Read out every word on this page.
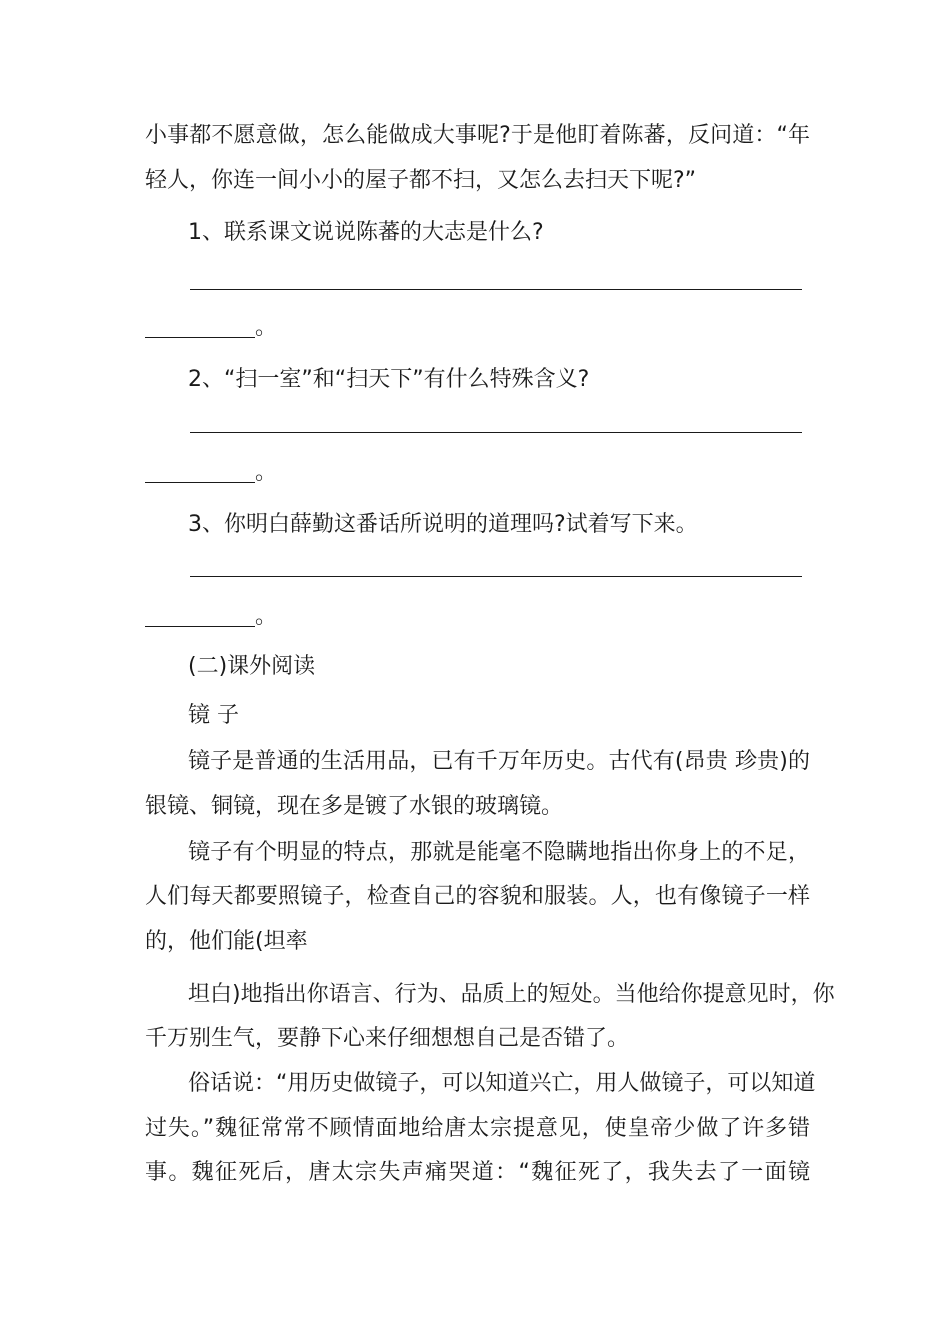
小事都不愿意做，怎么能做成大事呢?于是他盯着陈蕃，反问道：“年
轻人，你连一间小小的屋子都不扫，又怎么去扫天下呢?”
1、联系课文说说陈蕃的大志是什么?
。
2、“扫一室”和“扫天下”有什么特殊含义?
。
3、你明白薛勤这番话所说明的道理吗?试着写下来。
。
(二)课外阅读
镜 子
镜子是普通的生活用品，已有千万年历史。古代有(昂贵 珍贵)的
银镜、铜镜，现在多是镀了水银的玻璃镜。
镜子有个明显的特点，那就是能毫不隐瞒地指出你身上的不足，
人们每天都要照镜子，检查自己的容貌和服装。人，也有像镜子一样
的，他们能(坦率
坦白)地指出你语言、行为、品质上的短处。当他给你提意见时，你
千万别生气，要静下心来仔细想想自己是否错了。
俗话说：“用历史做镜子，可以知道兴亡，用人做镜子，可以知道
过失。”魏征常常不顾情面地给唐太宗提意见，使皇帝少做了许多错
事。魏征死后，唐太宗失声痛哭道：“魏征死了，我失去了一面镜
